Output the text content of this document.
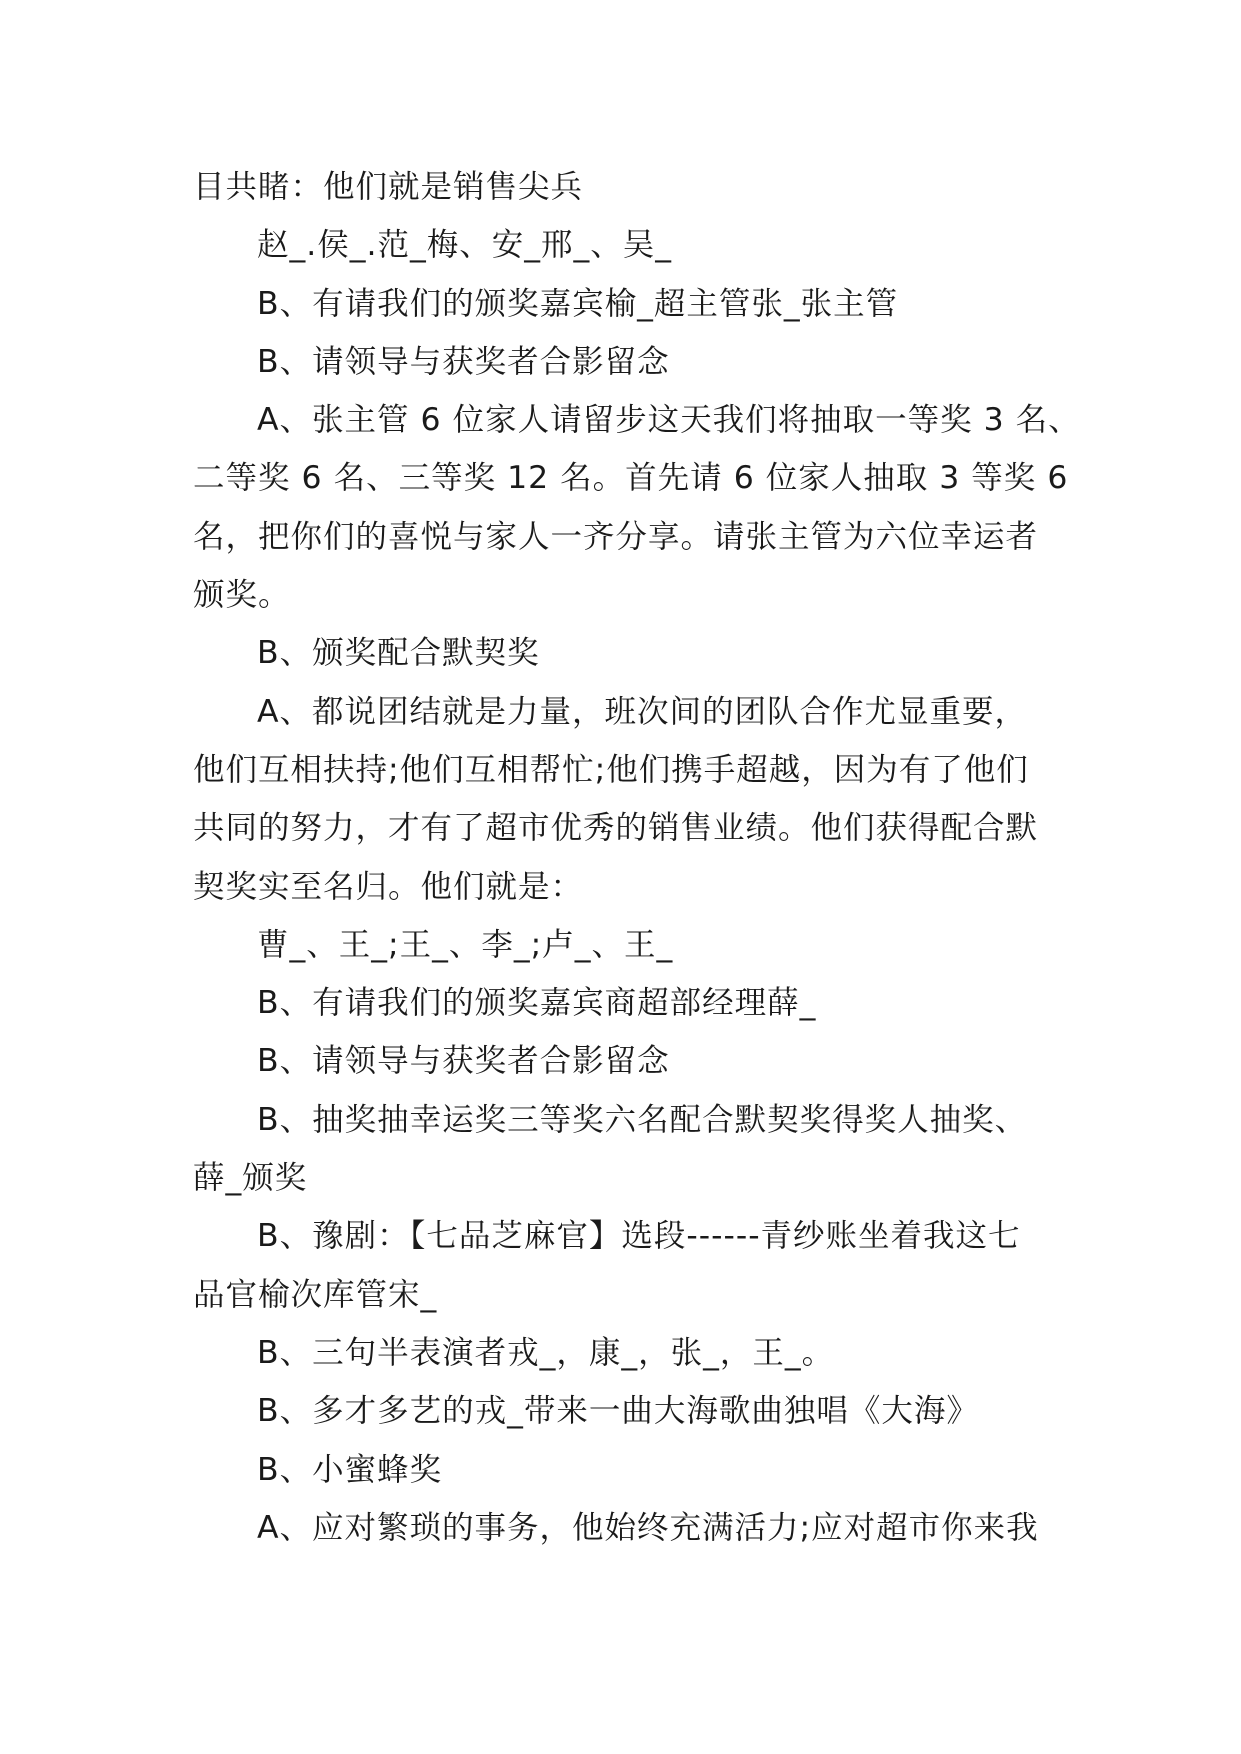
目共睹：他们就是销售尖兵
赵_.侯_.范_梅、安_邢_、吴_
B、有请我们的颁奖嘉宾榆_超主管张_张主管
B、请领导与获奖者合影留念
A、张主管 6 位家人请留步这天我们将抽取一等奖 3 名、
二等奖 6 名、三等奖 12 名。首先请 6 位家人抽取 3 等奖 6
名，把你们的喜悦与家人一齐分享。请张主管为六位幸运者
颁奖。
B、颁奖配合默契奖
A、都说团结就是力量，班次间的团队合作尤显重要，
他们互相扶持;他们互相帮忙;他们携手超越，因为有了他们
共同的努力，才有了超市优秀的销售业绩。他们获得配合默
契奖实至名归。他们就是：
曹_、王_;王_、李_;卢_、王_
B、有请我们的颁奖嘉宾商超部经理薛_
B、请领导与获奖者合影留念
B、抽奖抽幸运奖三等奖六名配合默契奖得奖人抽奖、
薛_颁奖
B、豫剧：【七品芝麻官】选段------青纱账坐着我这七
品官榆次库管宋_
B、三句半表演者戎_，康_，张_，王_。
B、多才多艺的戎_带来一曲大海歌曲独唱《大海》
B、小蜜蜂奖
A、应对繁琐的事务，他始终充满活力;应对超市你来我
